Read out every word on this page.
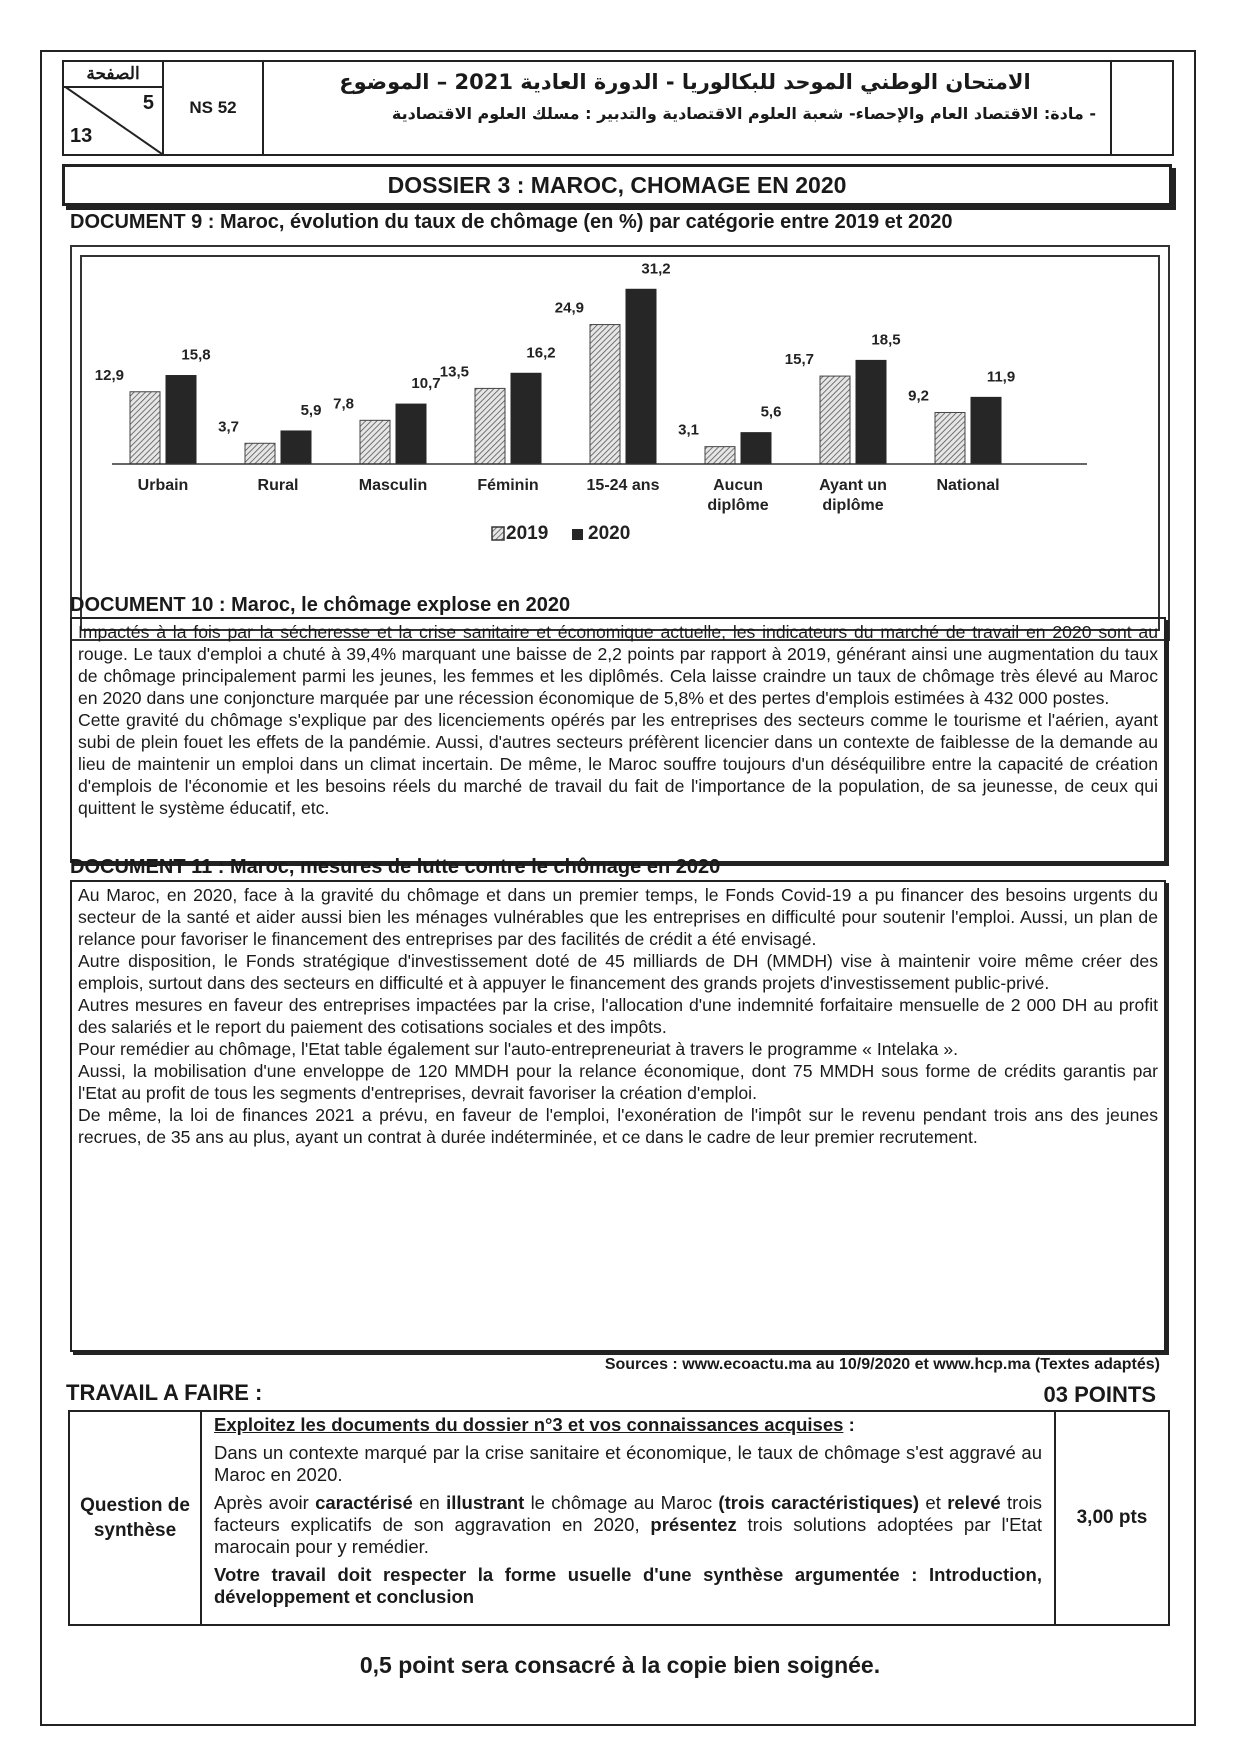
الصفحة
5
13
NS 52
الامتحان الوطني الموحد للبكالوريا - الدورة العادية 2021 – الموضوع
- مادة: الاقتصاد العام والإحصاء- شعبة العلوم الاقتصادية والتدبير : مسلك العلوم الاقتصادية
DOSSIER 3 : MAROC, CHOMAGE EN 2020
DOCUMENT 9 : Maroc, évolution du taux de chômage (en %) par catégorie entre 2019 et 2020
12,9
15,8
3,7
5,9 7,8
10,7
13,5
16,2
24,9
31,2
3,1
5,6
15,7
18,5
9,2
11,9
Urbain	Rural	Masculin	Féminin	15-24 ans	Aucun
diplôme
Ayant un
diplôme
National
2019 2020
DOCUMENT 10 : Maroc, le chômage explose en 2020

Impactés à la fois par la sécheresse et la crise sanitaire et économique actuelle, les indicateurs du marché de travail en 2020 sont au rouge. Le taux d'emploi a chuté à 39,4% marquant une baisse de 2,2 points par rapport à 2019, générant ainsi une augmentation du taux de chômage principalement parmi les jeunes, les femmes et les diplômés. Cela laisse craindre un taux de chômage très élevé au Maroc en 2020 dans une conjoncture marquée par une récession économique de 5,8% et des pertes d'emplois estimées à 432 000 postes.

Cette gravité du chômage s'explique par des licenciements opérés par les entreprises des secteurs comme le tourisme et l'aérien, ayant subi de plein fouet les effets de la pandémie. Aussi, d'autres secteurs préfèrent licencier dans un contexte de faiblesse de la demande au lieu de maintenir un emploi dans un climat incertain. De même, le Maroc souffre toujours d'un déséquilibre entre la capacité de création d'emplois de l'économie et les besoins réels du marché de travail du fait de l'importance de la population, de sa jeunesse, de ceux qui quittent le système éducatif, etc.

DOCUMENT 11 : Maroc, mesures de lutte contre le chômage en 2020

Au Maroc, en 2020, face à la gravité du chômage et dans un premier temps, le Fonds Covid-19 a pu financer des besoins urgents du secteur de la santé et aider aussi bien les ménages vulnérables que les entreprises en difficulté pour soutenir l'emploi. Aussi, un plan de relance pour favoriser le financement des entreprises par des facilités de crédit a été envisagé.

Autre disposition, le Fonds stratégique d'investissement doté de 45 milliards de DH (MMDH) vise à maintenir voire même créer des emplois, surtout dans des secteurs en difficulté et à appuyer le financement des grands projets d'investissement public-privé.

Autres mesures en faveur des entreprises impactées par la crise, l'allocation d'une indemnité forfaitaire mensuelle de 2 000 DH au profit des salariés et le report du paiement des cotisations sociales et des impôts.

Pour remédier au chômage, l'Etat table également sur l'auto-entrepreneuriat à travers le programme « Intelaka ».

Aussi, la mobilisation d'une enveloppe de 120 MMDH pour la relance économique, dont 75 MMDH sous forme de crédits garantis par l'Etat au profit de tous les segments d'entreprises, devrait favoriser la création d'emploi.

De même, la loi de finances 2021 a prévu, en faveur de l'emploi, l'exonération de l'impôt sur le revenu pendant trois ans des jeunes recrues, de 35 ans au plus, ayant un contrat à durée indéterminée, et ce dans le cadre de leur premier recrutement.

Sources : www.ecoactu.ma au 10/9/2020 et www.hcp.ma (Textes adaptés)
TRAVAIL A FAIRE :	03 POINTS
Question de synthèse

Exploitez les documents du dossier n°3 et vos connaissances acquises :

Dans un contexte marqué par la crise sanitaire et économique, le taux de chômage s'est aggravé au Maroc en 2020.

Après avoir caractérisé en illustrant le chômage au Maroc (trois caractéristiques) et relevé trois facteurs explicatifs de son aggravation en 2020, présentez trois solutions adoptées par l'Etat marocain pour y remédier.

Votre travail doit respecter la forme usuelle d'une synthèse argumentée : Introduction, développement et conclusion

3,00 pts
0,5 point sera consacré à la copie bien soignée.
